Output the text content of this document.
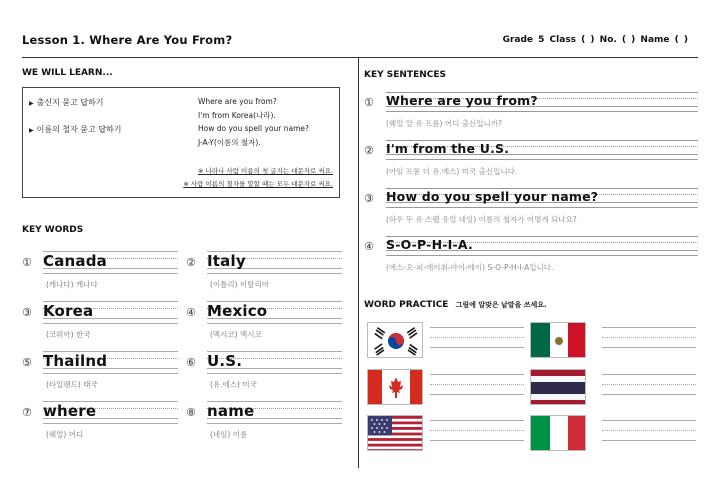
Lesson 1. Where Are You From?	Grade 5 Class ( ) No. ( ) Name ( )
WE WILL LEARN...
▶ 출신지 묻고 답하기
▶ 이름의 철자 묻고 답하기
Where are you from?
I'm from Korea(나라).
How do you spell your name?
J-A-Y(이름의 철자).
※ 나라나 사람 이름의 첫 글자는 대문자로 써요.
※ 사람 이름의 철자를 말할 때는 모두 대문자로 써요.
KEY WORDS
① Canada
(캐나다) 캐나다
② Italy
(이틀리) 이탈리아
③ Korea
(코뤼아) 한국
④ Mexico
(멕시코) 멕시코
⑤ Thailnd
(타일랜드) 태국
⑥ U.S.
(유.에스) 미국
⑦ where
(웨얼) 어디
⑧ name
(네임) 이름
KEY SENTENCES
① Where are you from?
(웨얼 알 유 프롬) 어디 출신입니까?
② I'm from the U.S.
(아임 프롬 더 유.에스) 미국 출신입니다.
③ How do you spell your name?
(하우 두 유 스펠 유얼 네임) 이름의 철자가 어떻게 되나요?
④ S-O-P-H-I-A.
(에스-오-피-에이취-아이-에이) S-O-P-H-I-A입니다.
WORD PRACTICE 그림에 알맞은 낱말을 쓰세요.
